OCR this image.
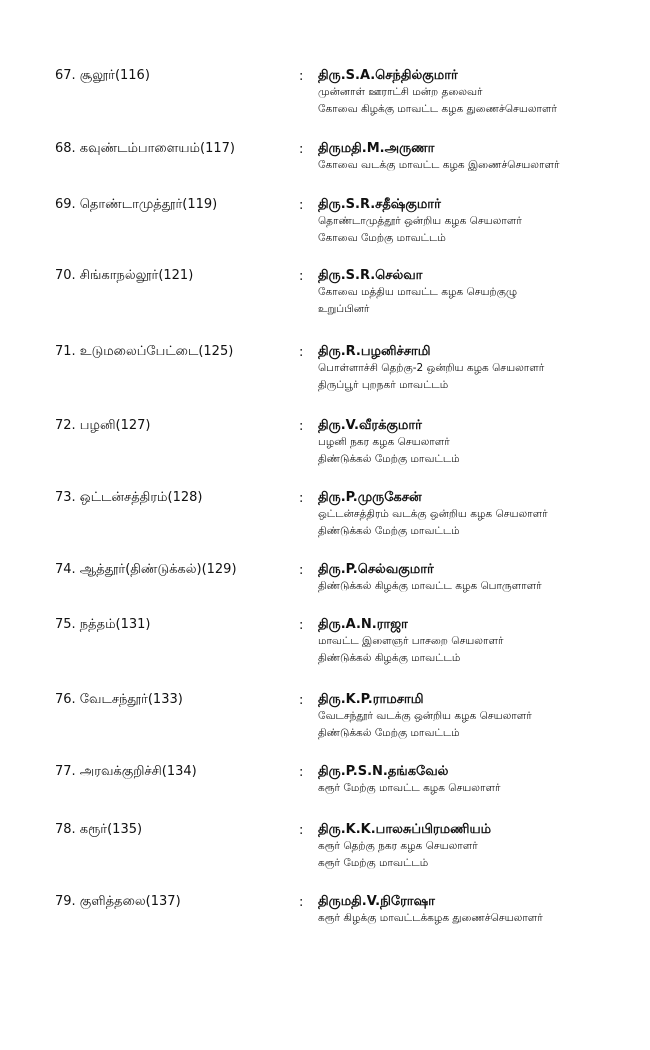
67. சூலூர்(116)	: திரு.S.A.செந்தில்குமார்
முன்னாள் ஊராட்சி மன்ற தலைவர்
கோவை கிழக்கு மாவட்ட கழக துணைச்செயலாளர்
68. கவுண்டம்பாளையம்(117)	: திருமதி.M.அருணா
கோவை வடக்கு மாவட்ட கழக இணைச்செயலாளர்
69. தொண்டாமுத்தூர்(119)	: திரு.S.R.சதீஷ்குமார்
தொண்டாமுத்தூர் ஒன்றிய கழக செயலாளர்
கோவை மேற்கு மாவட்டம்
70. சிங்காநல்லூர்(121)	: திரு.S.R.செல்வா
கோவை மத்திய மாவட்ட கழக செயற்குழு
உறுப்பினர்
71. உடுமலைப்பேட்டை(125)	: திரு.R.பழனிச்சாமி
பொள்ளாச்சி தெற்கு-2 ஒன்றிய கழக செயலாளர்
திருப்பூர் புறநகர் மாவட்டம்
72. பழனி(127)	: திரு.V.வீரக்குமார்
பழனி நகர கழக செயலாளர்
திண்டுக்கல் மேற்கு மாவட்டம்
73. ஒட்டன்சத்திரம்(128)	: திரு.P.முருகேசன்
ஒட்டன்சத்திரம் வடக்கு ஒன்றிய கழக செயலாளர்
திண்டுக்கல் மேற்கு மாவட்டம்
74. ஆத்தூர்(திண்டுக்கல்)(129)	: திரு.P.செல்வகுமார்
திண்டுக்கல் கிழக்கு மாவட்ட கழக பொருளாளர்
75. நத்தம்(131)	: திரு.A.N.ராஜா
மாவட்ட இளைஞர் பாசறை செயலாளர்
திண்டுக்கல் கிழக்கு மாவட்டம்
76. வேடசந்தூர்(133)	: திரு.K.P.ராமசாமி
வேடசந்தூர் வடக்கு ஒன்றிய கழக செயலாளர்
திண்டுக்கல் மேற்கு மாவட்டம்
77. அரவக்குறிச்சி(134)	: திரு.P.S.N.தங்கவேல்
கரூர் மேற்கு மாவட்ட கழக செயலாளர்
78. கரூர்(135)	: திரு.K.K.பாலசுப்பிரமணியம்
கரூர் தெற்கு நகர கழக செயலாளர்
கரூர் மேற்கு மாவட்டம்
79. குளித்தலை(137)	: திருமதி.V.நிரோஷா
கரூர் கிழக்கு மாவட்டக்கழக துணைச்செயலாளர்
